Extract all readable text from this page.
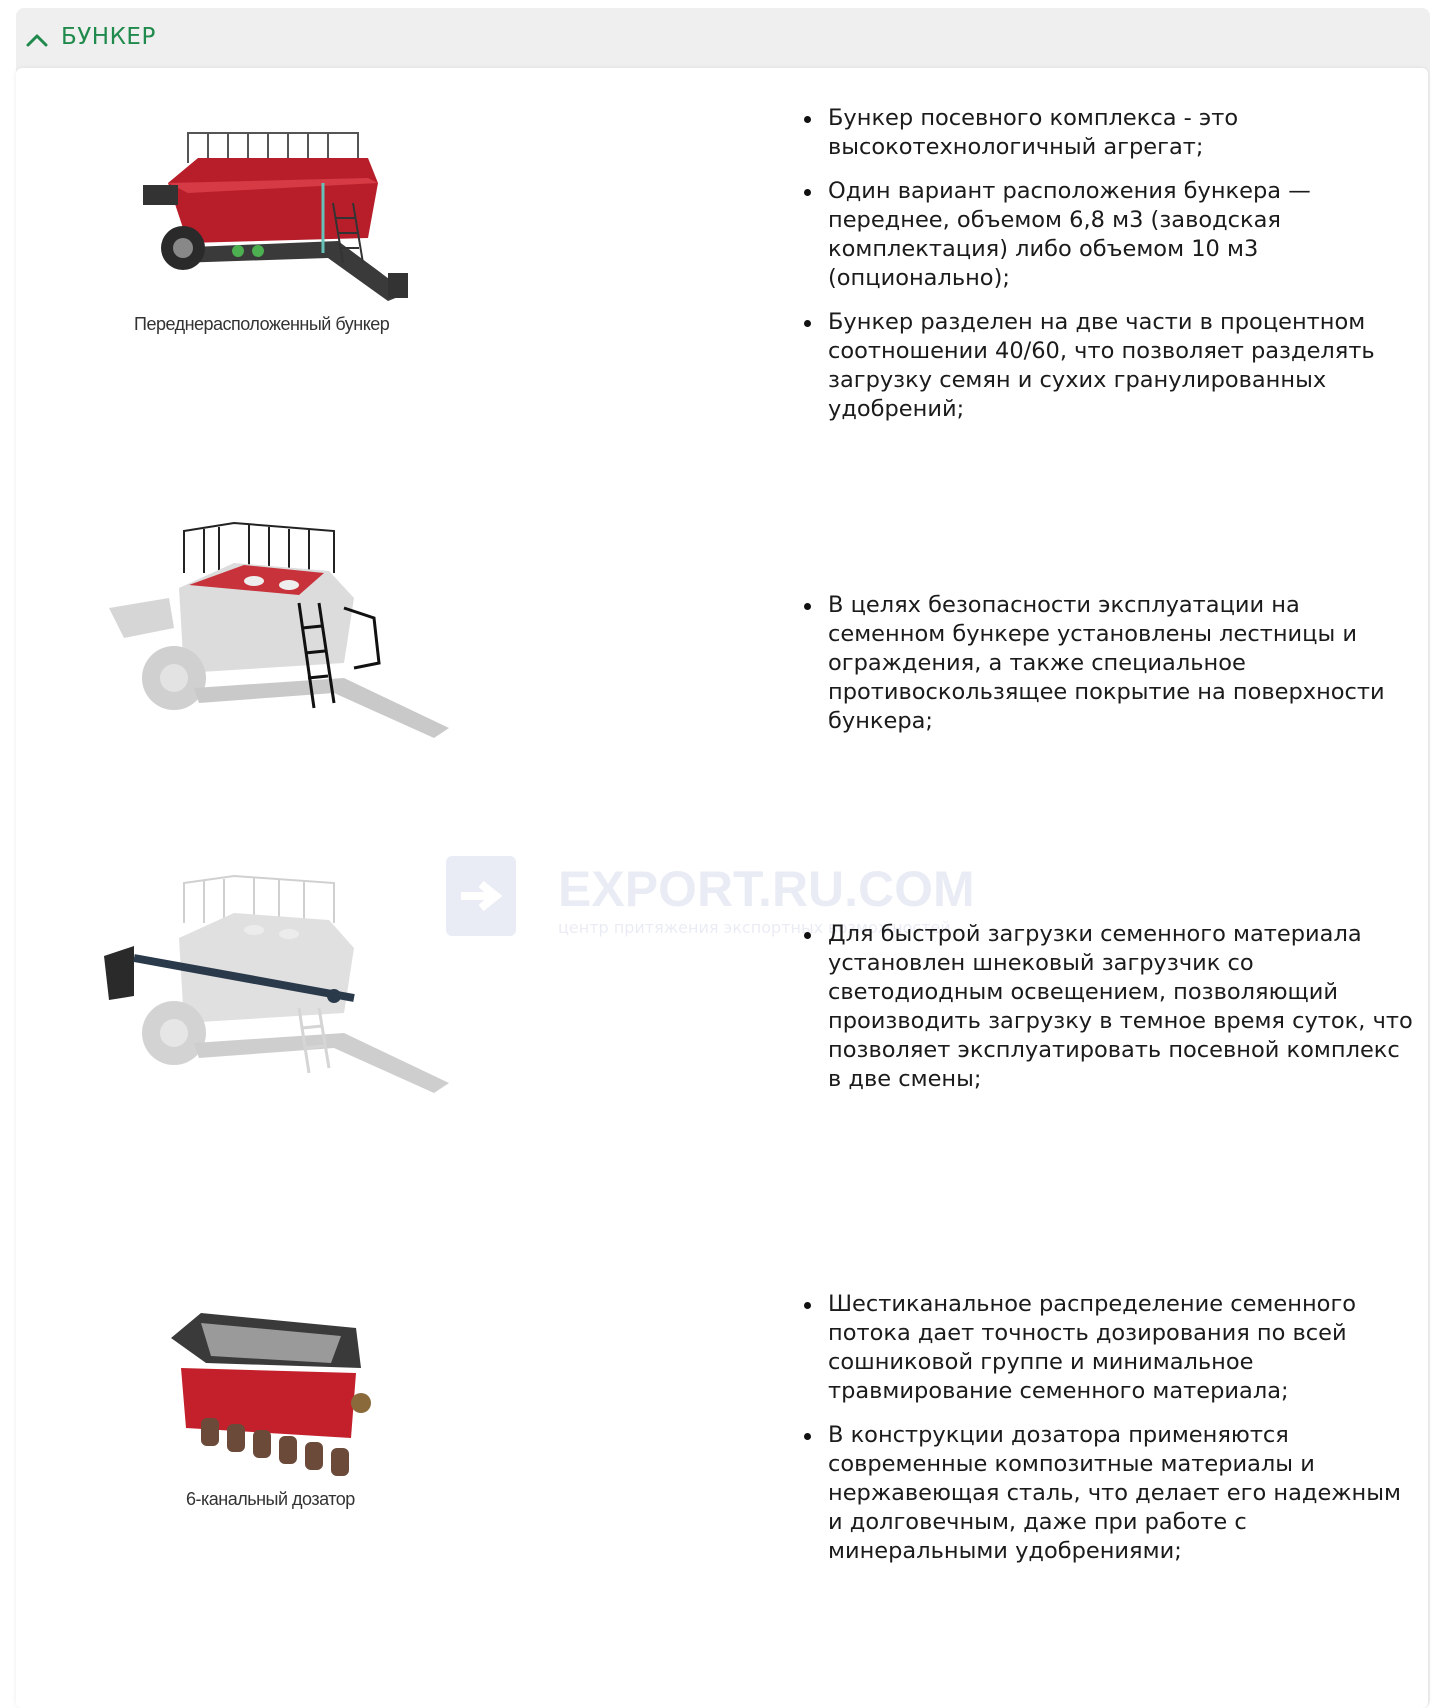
БУНКЕР
Переднерасположенный бункер
Бункер посевного комплекса - это высокотехнологичный агрегат;
Один вариант расположения бункера — переднее, объемом 6,8 м3 (заводская комплектация) либо объемом 10 м3 (опционально);
Бункер разделен на две части в процентном соотношении 40/60, что позволяет разделять загрузку семян и сухих гранулированных удобрений;
В целях безопасности эксплуатации на семенном бункере установлены лестницы и ограждения, а также специальное противоскользящее покрытие на поверхности бункера;
EXPORT.RU.COM
центр притяжения экспортных возможностей
Для быстрой загрузки семенного материала установлен шнековый загрузчик со светодиодным освещением, позволяющий производить загрузку в темное время суток, что позволяет эксплуатировать посевной комплекс в две смены;
6-канальный дозатор
Шестиканальное распределение семенного потока дает точность дозирования по всей сошниковой группе и минимальное травмирование семенного материала;
В конструкции дозатора применяются современные композитные материалы и нержавеющая сталь, что делает его надежным и долговечным, даже при работе с минеральными удобрениями;
